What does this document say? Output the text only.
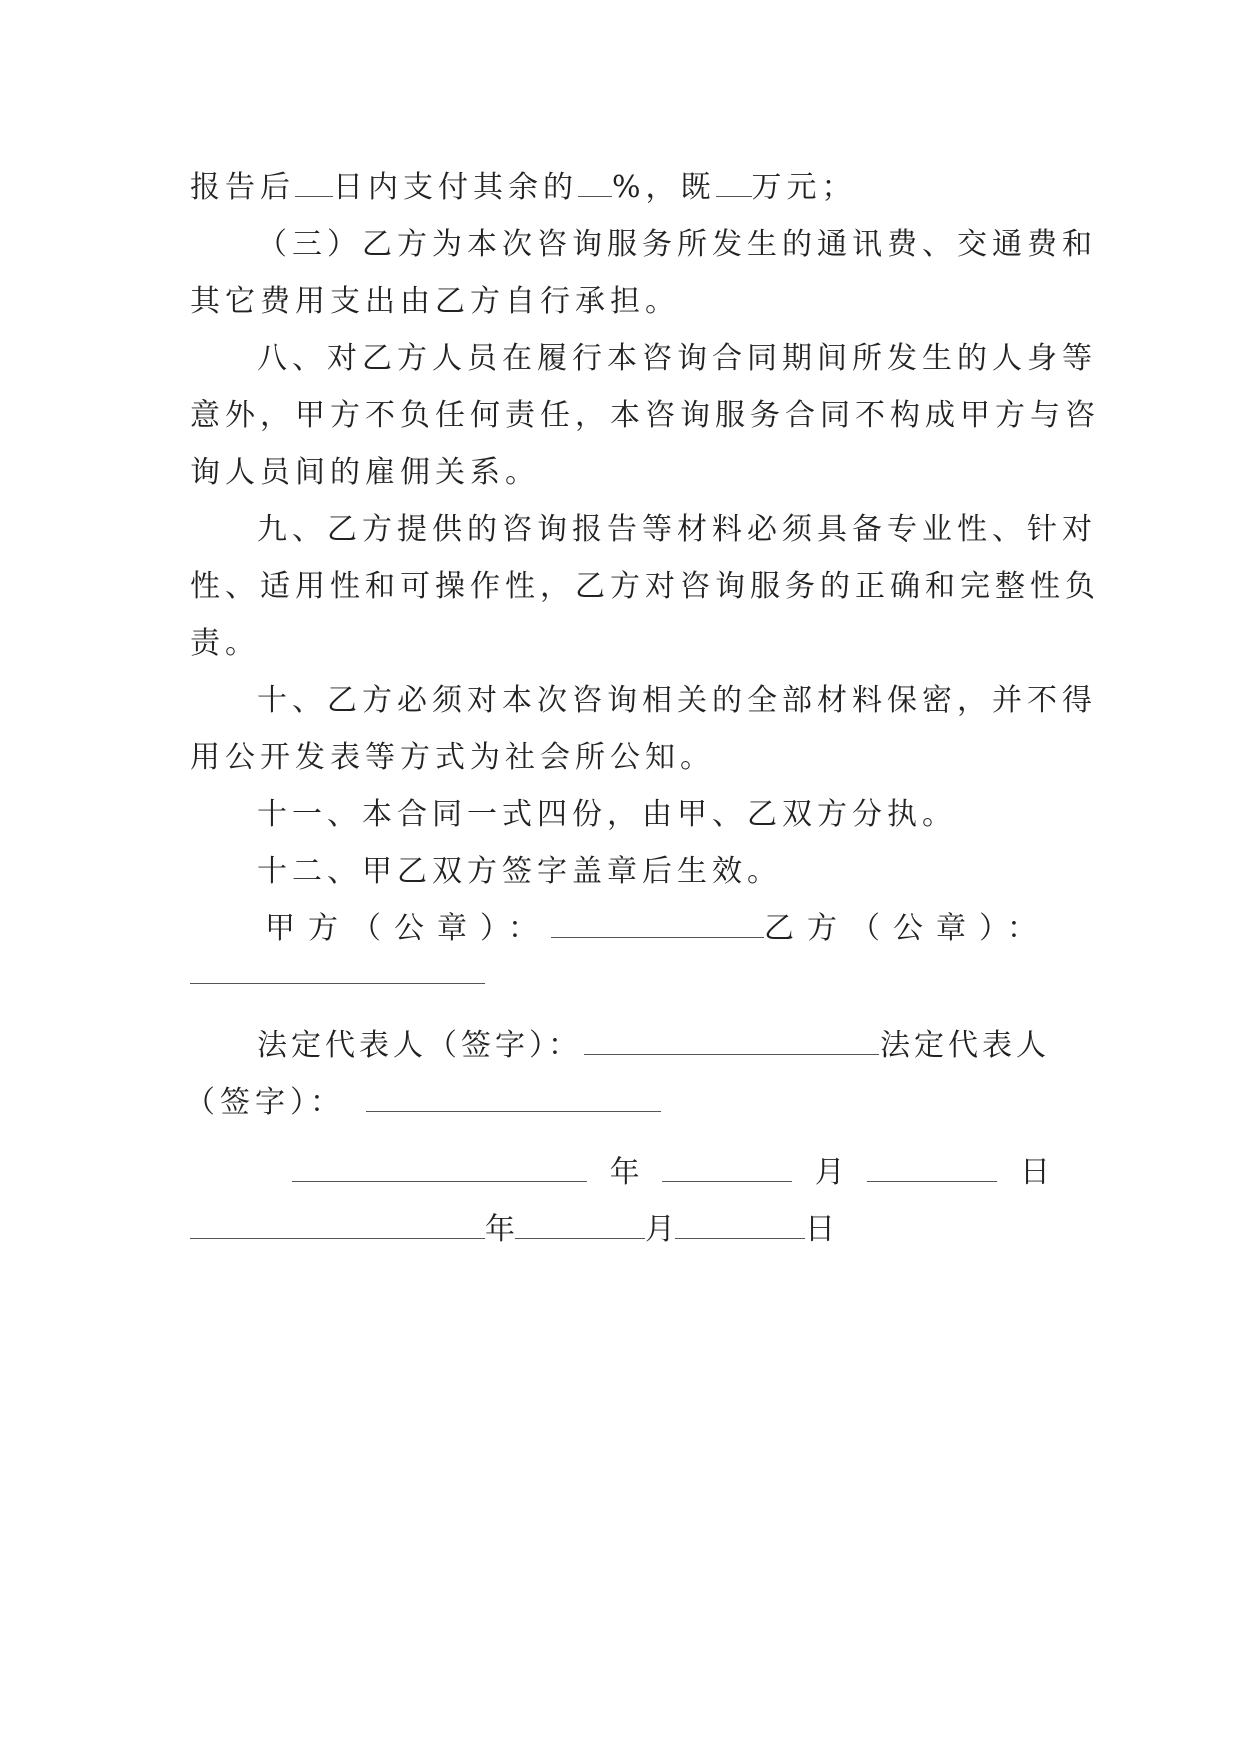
报告后 日内支付其余的 %，既 万元；
（三）乙方为本次咨询服务所发生的通讯费、交通费和
其它费用支出由乙方自行承担。
八、对乙方人员在履行本咨询合同期间所发生的人身等
意外，甲方不负任何责任，本咨询服务合同不构成甲方与咨
询人员间的雇佣关系。
九、乙方提供的咨询报告等材料必须具备专业性、针对
性、适用性和可操作性，乙方对咨询服务的正确和完整性负
责。
十、乙方必须对本次咨询相关的全部材料保密，并不得
用公开发表等方式为社会所公知。
十一、本合同一式四份，由甲、乙双方分执。
十二、甲乙双方签字盖章后生效。
甲方（公章）：	乙方（公章）：
法定代表人（签字）：	法定代表人
（签字）：
年	月	日
年	月	日
